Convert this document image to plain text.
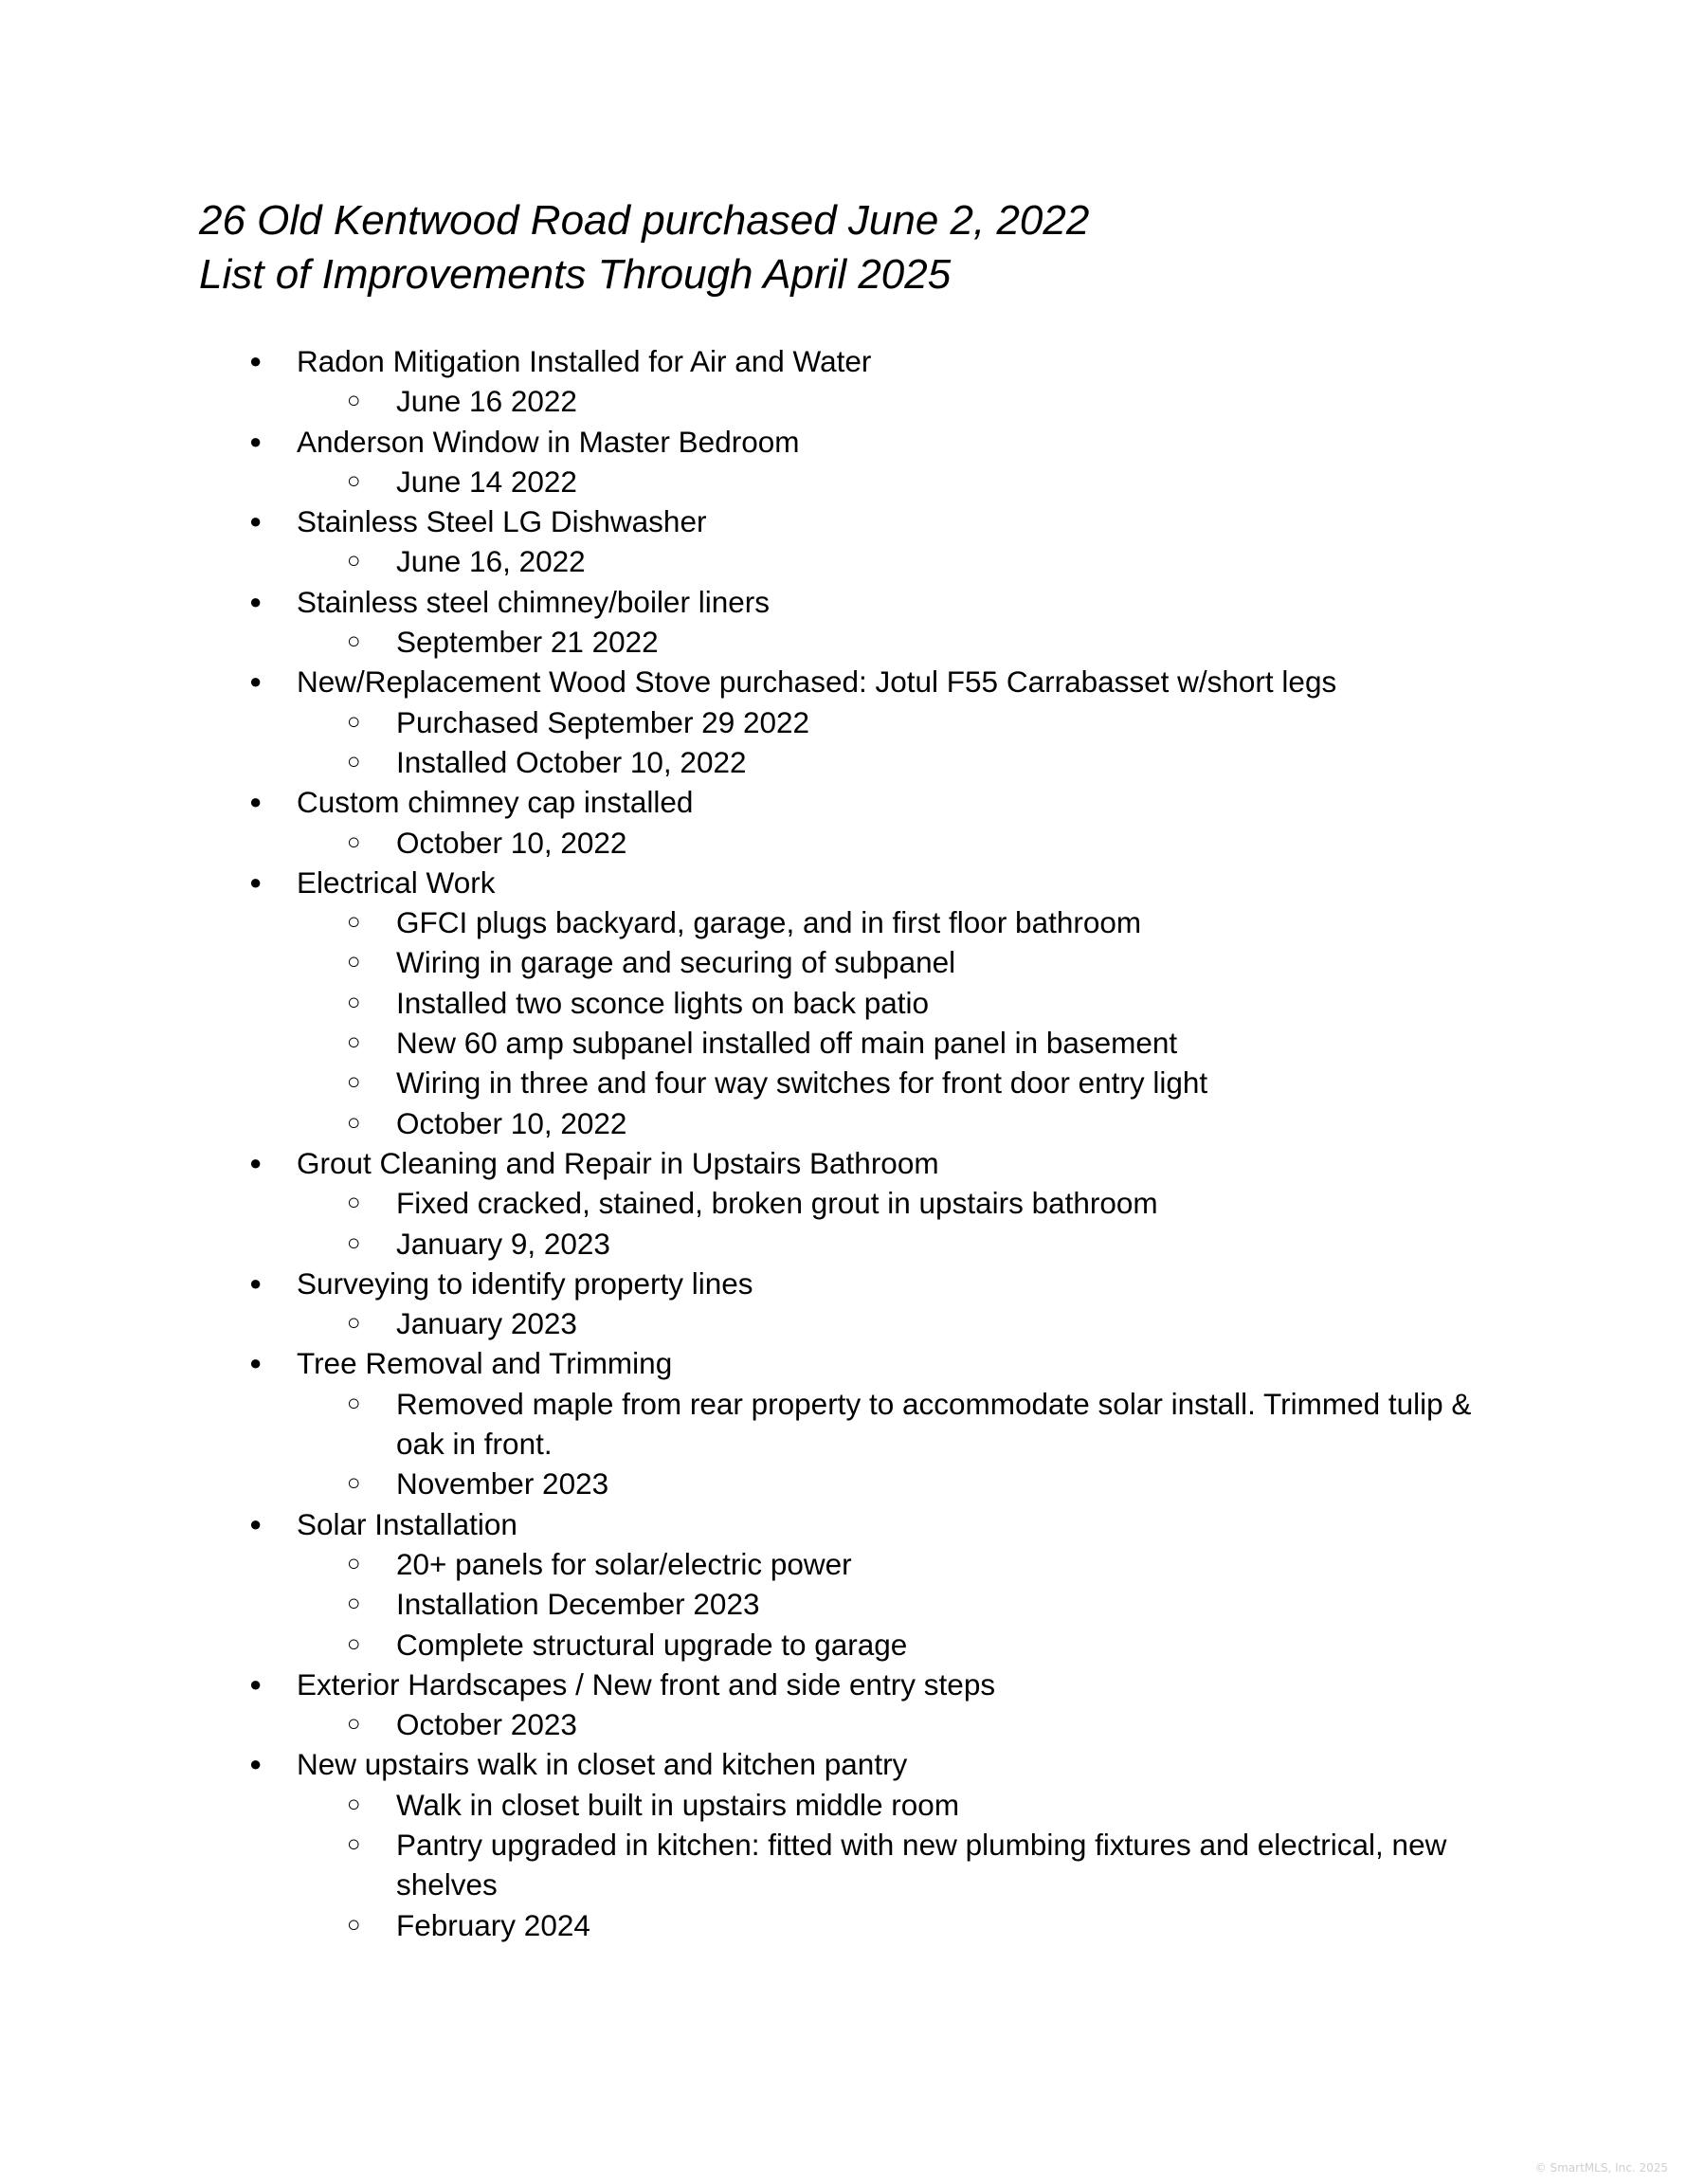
26 Old Kentwood Road purchased June 2, 2022
List of Improvements Through April 2025
● Radon Mitigation Installed for Air and Water
○ June 16 2022
● Anderson Window in Master Bedroom
○ June 14 2022
● Stainless Steel LG Dishwasher
○ June 16, 2022
● Stainless steel chimney/boiler liners
○ September 21 2022
● New/Replacement Wood Stove purchased: Jotul F55 Carrabasset w/short legs
○ Purchased September 29 2022
○ Installed October 10, 2022
● Custom chimney cap installed
○ October 10, 2022
● Electrical Work
○ GFCI plugs backyard, garage, and in first floor bathroom
○ Wiring in garage and securing of subpanel
○ Installed two sconce lights on back patio
○ New 60 amp subpanel installed off main panel in basement
○ Wiring in three and four way switches for front door entry light
○ October 10, 2022
● Grout Cleaning and Repair in Upstairs Bathroom
○ Fixed cracked, stained, broken grout in upstairs bathroom
○ January 9, 2023
● Surveying to identify property lines
○ January 2023
● Tree Removal and Trimming
○ Removed maple from rear property to accommodate solar install. Trimmed tulip & oak in front.
○ November 2023
● Solar Installation
○ 20+ panels for solar/electric power
○ Installation December 2023
○ Complete structural upgrade to garage
● Exterior Hardscapes / New front and side entry steps
○ October 2023
● New upstairs walk in closet and kitchen pantry
○ Walk in closet built in upstairs middle room
○ Pantry upgraded in kitchen: fitted with new plumbing fixtures and electrical, new shelves
○ February 2024
© SmartMLS, Inc. 2025
